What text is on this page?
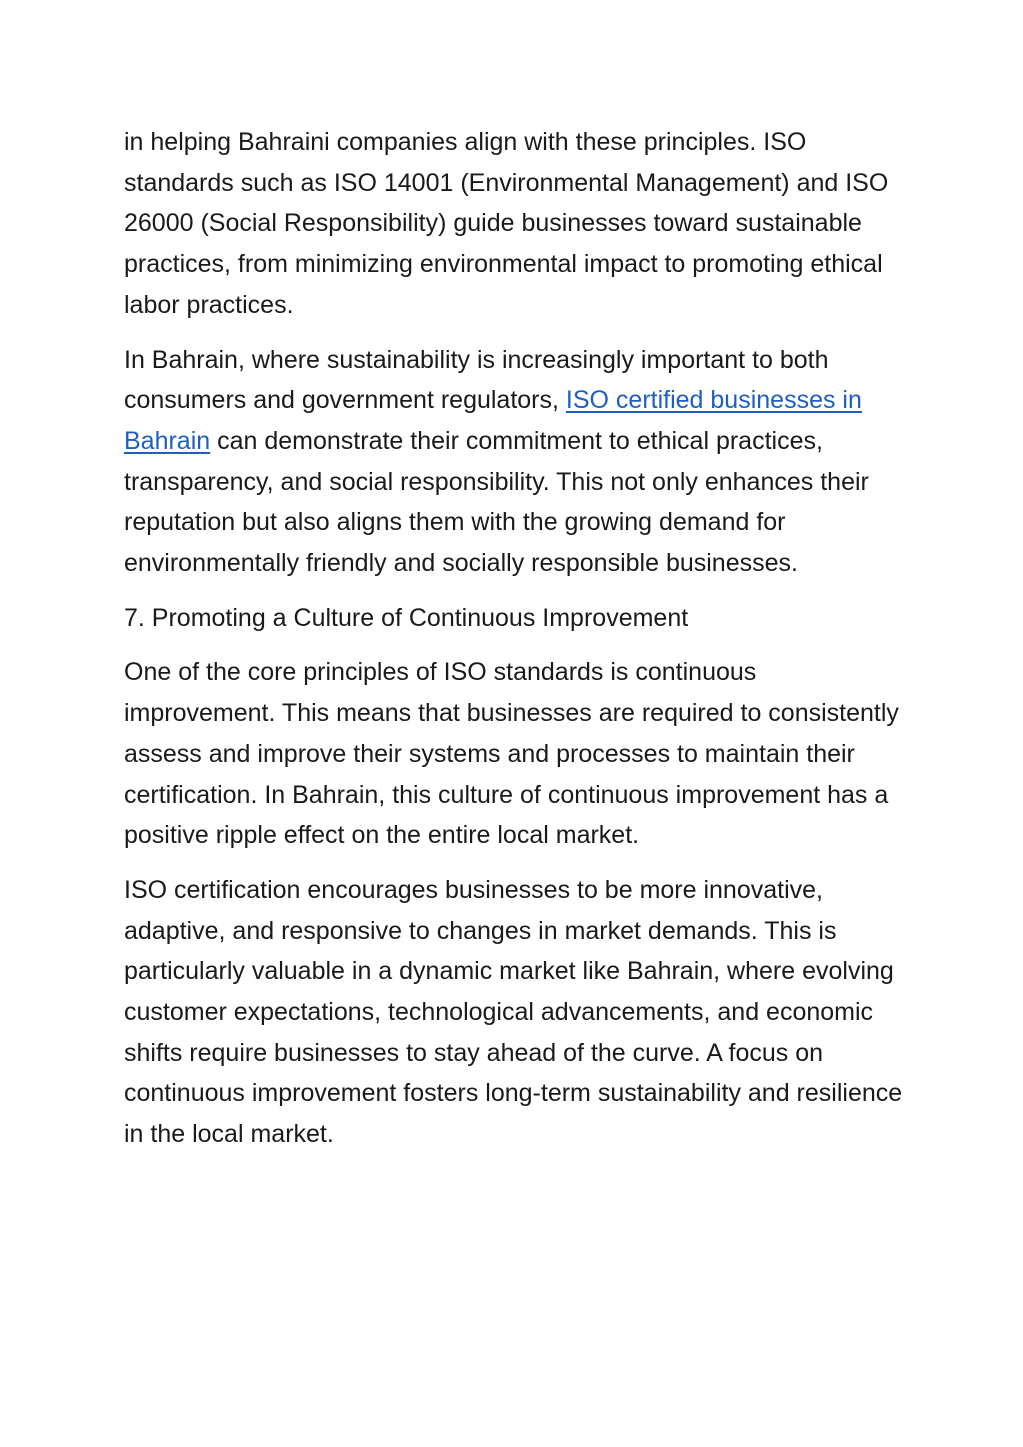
in helping Bahraini companies align with these principles. ISO standards such as ISO 14001 (Environmental Management) and ISO 26000 (Social Responsibility) guide businesses toward sustainable practices, from minimizing environmental impact to promoting ethical labor practices.

In Bahrain, where sustainability is increasingly important to both consumers and government regulators, ISO certified businesses in Bahrain can demonstrate their commitment to ethical practices, transparency, and social responsibility. This not only enhances their reputation but also aligns them with the growing demand for environmentally friendly and socially responsible businesses.

7. Promoting a Culture of Continuous Improvement

One of the core principles of ISO standards is continuous improvement. This means that businesses are required to consistently assess and improve their systems and processes to maintain their certification. In Bahrain, this culture of continuous improvement has a positive ripple effect on the entire local market.

ISO certification encourages businesses to be more innovative, adaptive, and responsive to changes in market demands. This is particularly valuable in a dynamic market like Bahrain, where evolving customer expectations, technological advancements, and economic shifts require businesses to stay ahead of the curve. A focus on continuous improvement fosters long-term sustainability and resilience in the local market.
